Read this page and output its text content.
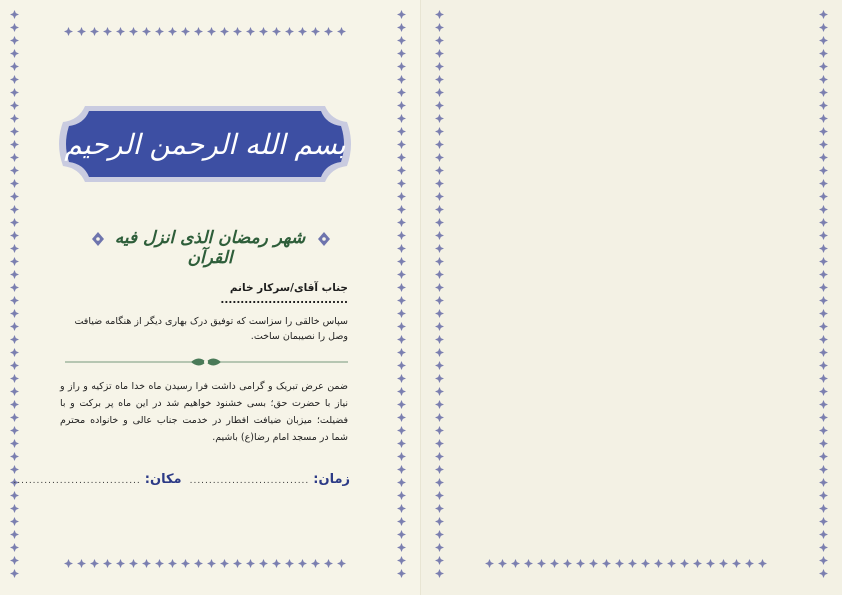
بسم الله الرحمن الرحیم
شهر رمضان الذی انزل فیه القرآن
جناب آقای/سرکار خانم ................................
سپاس خالقی را سزاست که توفیق درک بهاری دیگر از هنگامه ضیافت وصل را نصیبمان ساخت.
ضمن عرض تبریک و گرامی داشت فرا رسیدن ماه خدا ماه تزکیه و راز و نیاز با حضرت حق؛ بسی خشنود خواهیم شد در این ماه پر برکت و با فضیلت؛ میزبان ضیافت افطار در خدمت جناب عالی و خانواده محترم شما در مسجد امام رضا(ع) باشیم.
زمان:
...............................
مکان:
.................................
